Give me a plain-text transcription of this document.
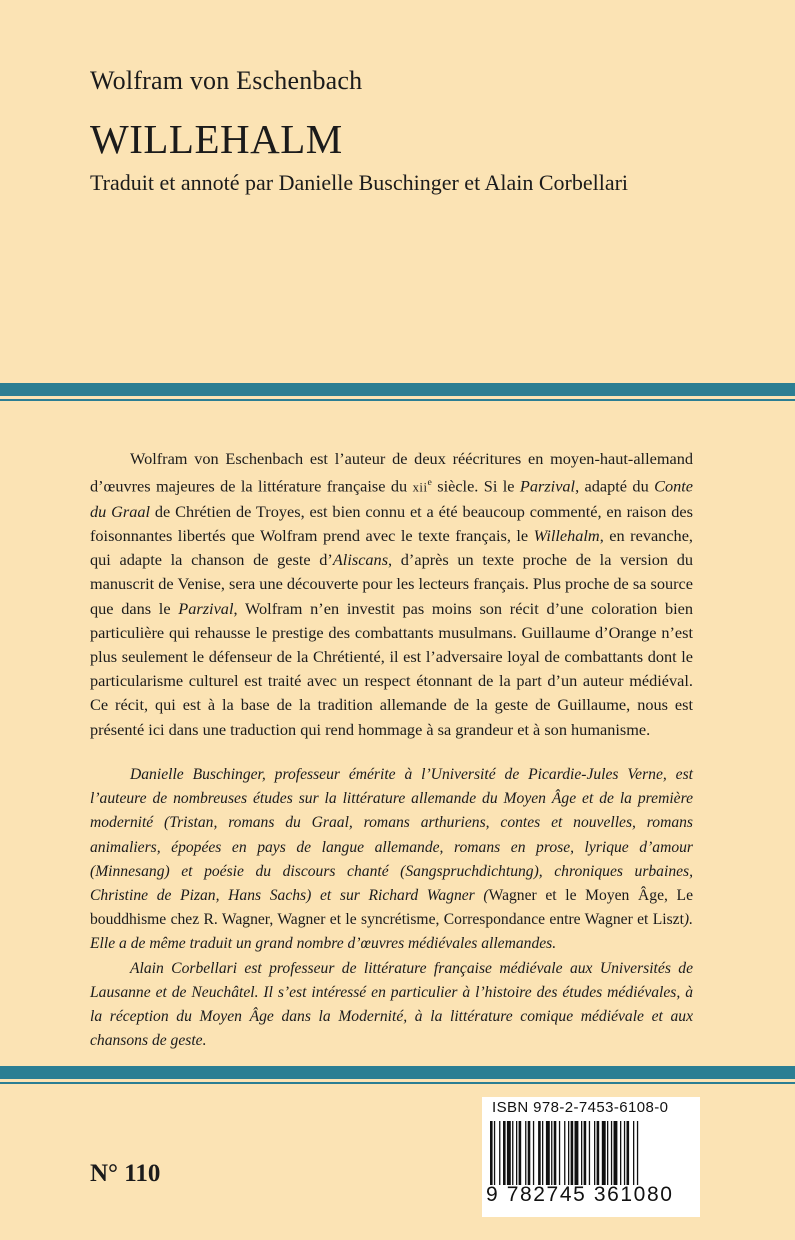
Wolfram von Eschenbach
WILLEHALM
Traduit et annoté par Danielle Buschinger et Alain Corbellari

Wolfram von Eschenbach est l’auteur de deux réécritures en moyen-haut-allemand d’œuvres majeures de la littérature française du xii$^e$ siècle. Si le Parzival, adapté du Conte du Graal de Chrétien de Troyes, est bien connu et a été beaucoup commenté, en raison des foisonnantes libertés que Wolfram prend avec le texte français, le Willehalm, en revanche, qui adapte la chanson de geste d’Aliscans, d’après un texte proche de la version du manuscrit de Venise, sera une découverte pour les lecteurs français. Plus proche de sa source que dans le Parzival, Wolfram n’en investit pas moins son récit d’une coloration bien particulière qui rehausse le prestige des combattants musulmans. Guillaume d’Orange n’est plus seulement le défenseur de la Chrétienté, il est l’adversaire loyal de combattants dont le particularisme culturel est traité avec un respect étonnant de la part d’un auteur médiéval. Ce récit, qui est à la base de la tradition allemande de la geste de Guillaume, nous est présenté ici dans une traduction qui rend hommage à sa grandeur et à son humanisme.

Danielle Buschinger, professeur émérite à l’Université de Picardie-Jules Verne, est l’auteure de nombreuses études sur la littérature allemande du Moyen Âge et de la première modernité (Tristan, romans du Graal, romans arthuriens, contes et nouvelles, romans animaliers, épopées en pays de langue allemande, romans en prose, lyrique d’amour (Minnesang) et poésie du discours chanté (Sangspruchdichtung), chroniques urbaines, Christine de Pizan, Hans Sachs) et sur Richard Wagner (Wagner et le Moyen Âge, Le bouddhisme chez R. Wagner, Wagner et le syncrétisme, Correspondance entre Wagner et Liszt). Elle a de même traduit un grand nombre d’œuvres médiévales allemandes.

Alain Corbellari est professeur de littérature française médiévale aux Universités de Lausanne et de Neuchâtel. Il s’est intéressé en particulier à l’histoire des études médiévales, à la réception du Moyen Âge dans la Modernité, à la littérature comique médiévale et aux chansons de geste.

N° 110
ISBN 978-2-7453-6108-0
9 782745 361080
